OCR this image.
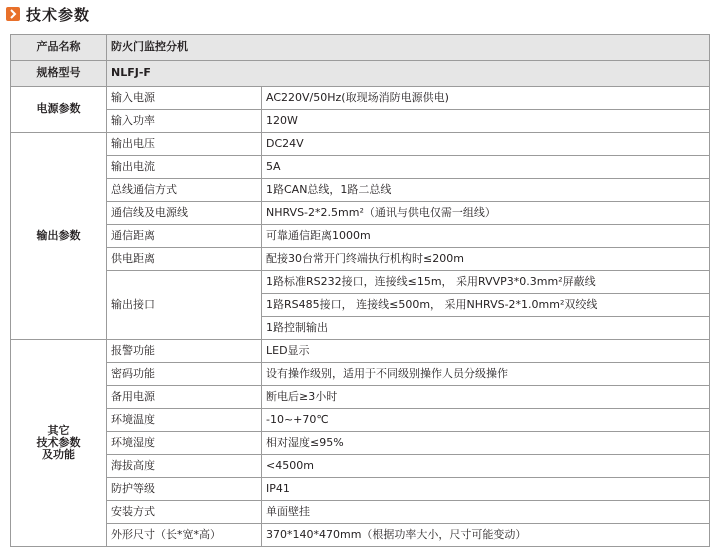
技术参数
产品名称	防火门监控分机	
规格型号	NLFJ-F	
电源参数	输入电源	AC220V/50Hz(取现场消防电源供电)
	输入功率	120W
输出参数	输出电压	DC24V
	输出电流	5A
	总线通信方式	1路CAN总线，1路二总线
	通信线及电源线	NHRVS-2*2.5mm²（通讯与供电仅需一组线）
	通信距离	可靠通信距离1000m
	供电距离	配接30台常开门终端执行机构时≤200m
	输出接口	1路标准RS232接口，连接线≤15m， 采用RVVP3*0.3mm²屏蔽线
		1路RS485接口， 连接线≤500m， 采用NHRVS-2*1.0mm²双绞线
		1路控制输出

其它
技术参数
及功能	报警功能	LED显示
	密码功能	设有操作级别，适用于不同级别操作人员分级操作
	备用电源	断电后≥3小时
	环境温度	-10~+70℃
	环境湿度	相对湿度≤95%
	海拔高度	<4500m
	防护等级	IP41
	安装方式	单面壁挂
	外形尺寸（长*宽*高）	370*140*470mm（根据功率大小，尺寸可能变动）
